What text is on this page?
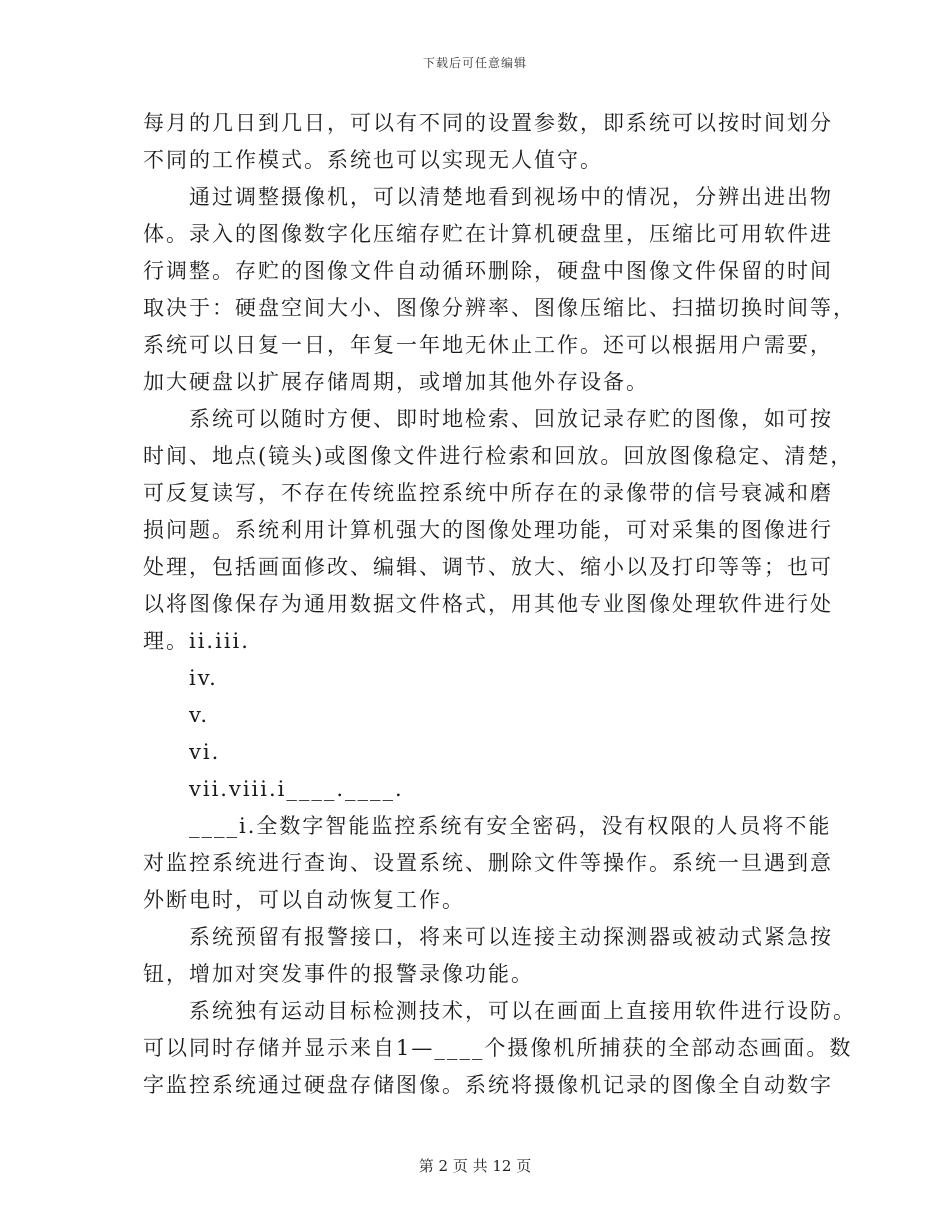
下载后可任意编辑
每月的几日到几日，可以有不同的设置参数，即系统可以按时间划分
不同的工作模式。系统也可以实现无人值守。
通过调整摄像机，可以清楚地看到视场中的情况，分辨出进出物
体。录入的图像数字化压缩存贮在计算机硬盘里，压缩比可用软件进
行调整。存贮的图像文件自动循环删除，硬盘中图像文件保留的时间
取决于：硬盘空间大小、图像分辨率、图像压缩比、扫描切换时间等，
系统可以日复一日，年复一年地无休止工作。还可以根据用户需要，
加大硬盘以扩展存储周期，或增加其他外存设备。
系统可以随时方便、即时地检索、回放记录存贮的图像，如可按
时间、地点(镜头)或图像文件进行检索和回放。回放图像稳定、清楚，
可反复读写，不存在传统监控系统中所存在的录像带的信号衰减和磨
损问题。系统利用计算机强大的图像处理功能，可对采集的图像进行
处理，包括画面修改、编辑、调节、放大、缩小以及打印等等；也可
以将图像保存为通用数据文件格式，用其他专业图像处理软件进行处
理。ii.iii.
iv.
v.
vi.
vii.viii.i____.____.
____i.全数字智能监控系统有安全密码，没有权限的人员将不能
对监控系统进行查询、设置系统、删除文件等操作。系统一旦遇到意
外断电时，可以自动恢复工作。
系统预留有报警接口，将来可以连接主动探测器或被动式紧急按
钮，增加对突发事件的报警录像功能。
系统独有运动目标检测技术，可以在画面上直接用软件进行设防。
可以同时存储并显示来自1—____个摄像机所捕获的全部动态画面。数
字监控系统通过硬盘存储图像。系统将摄像机记录的图像全自动数字
第 2 页 共 12 页
